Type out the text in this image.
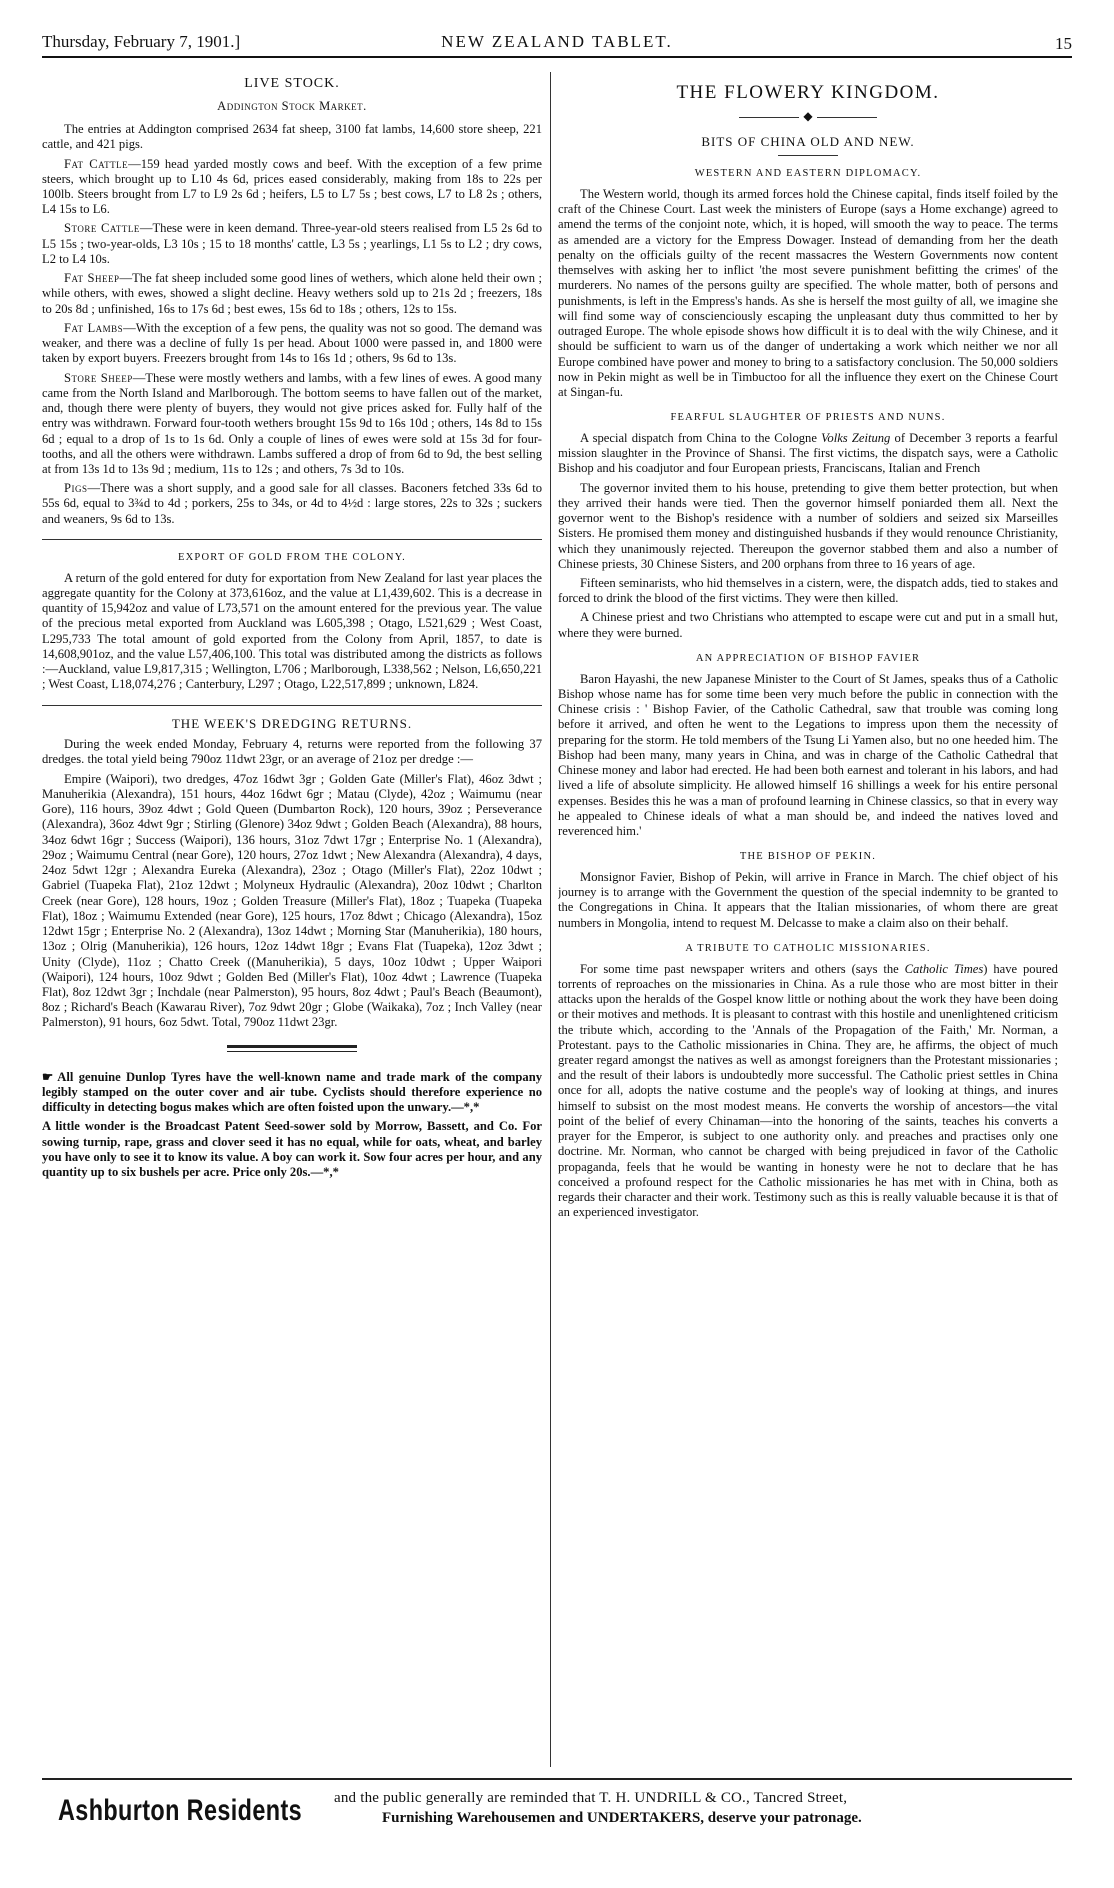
Thursday, February 7, 1901.]	NEW ZEALAND TABLET.	15
LIVE STOCK.
Addington Stock Market.

The entries at Addington comprised 2634 fat sheep, 3100 fat lambs, 14,600 store sheep, 221 cattle, and 421 pigs.

Fat Cattle—159 head yarded mostly cows and beef. With the exception of a few prime steers, which brought up to L10 4s 6d, prices eased considerably, making from 18s to 22s per 100lb. Steers brought from L7 to L9 2s 6d ; heifers, L5 to L7 5s ; best cows, L7 to L8 2s ; others, L4 15s to L6.

Store Cattle—These were in keen demand. Three-year-old steers realised from L5 2s 6d to L5 15s ; two-year-olds, L3 10s ; 15 to 18 months' cattle, L3 5s ; yearlings, L1 5s to L2 ; dry cows, L2 to L4 10s.

Fat Sheep—The fat sheep included some good lines of wethers, which alone held their own ; while others, with ewes, showed a slight decline. Heavy wethers sold up to 21s 2d ; freezers, 18s to 20s 8d ; unfinished, 16s to 17s 6d ; best ewes, 15s 6d to 18s ; others, 12s to 15s.

Fat Lambs—With the exception of a few pens, the quality was not so good. The demand was weaker, and there was a decline of fully 1s per head. About 1000 were passed in, and 1800 were taken by export buyers. Freezers brought from 14s to 16s 1d ; others, 9s 6d to 13s.

Store Sheep—These were mostly wethers and lambs, with a few lines of ewes. A good many came from the North Island and Marlborough. The bottom seems to have fallen out of the market, and, though there were plenty of buyers, they would not give prices asked for. Fully half of the entry was withdrawn. Forward four-tooth wethers brought 15s 9d to 16s 10d ; others, 14s 8d to 15s 6d ; equal to a drop of 1s to 1s 6d. Only a couple of lines of ewes were sold at 15s 3d for four-tooths, and all the others were withdrawn. Lambs suffered a drop of from 6d to 9d, the best selling at from 13s 1d to 13s 9d ; medium, 11s to 12s ; and others, 7s 3d to 10s.

Pigs—There was a short supply, and a good sale for all classes. Baconers fetched 33s 6d to 55s 6d, equal to 3¾d to 4d ; porkers, 25s to 34s, or 4d to 4½d : large stores, 22s to 32s ; suckers and weaners, 9s 6d to 13s.

EXPORT OF GOLD FROM THE COLONY.

A return of the gold entered for duty for exportation from New Zealand for last year places the aggregate quantity for the Colony at 373,616oz, and the value at L1,439,602. This is a decrease in quantity of 15,942oz and value of L73,571 on the amount entered for the previous year. The value of the precious metal exported from Auckland was L605,398 ; Otago, L521,629 ; West Coast, L295,733 The total amount of gold exported from the Colony from April, 1857, to date is 14,608,901oz, and the value L57,406,100. This total was distributed among the districts as follows :—Auckland, value L9,817,315 ; Wellington, L706 ; Marlborough, L338,562 ; Nelson, L6,650,221 ; West Coast, L18,074,276 ; Canterbury, L297 ; Otago, L22,517,899 ; unknown, L824.

THE WEEK'S DREDGING RETURNS.

During the week ended Monday, February 4, returns were reported from the following 37 dredges. the total yield being 790oz 11dwt 23gr, or an average of 21oz per dredge :—

Empire (Waipori), two dredges, 47oz 16dwt 3gr ; Golden Gate (Miller's Flat), 46oz 3dwt ; Manuherikia (Alexandra), 151 hours, 44oz 16dwt 6gr ; Matau (Clyde), 42oz ; Waimumu (near Gore), 116 hours, 39oz 4dwt ; Gold Queen (Dumbarton Rock), 120 hours, 39oz ; Perseverance (Alexandra), 36oz 4dwt 9gr ; Stirling (Glenore) 34oz 9dwt ; Golden Beach (Alexandra), 88 hours, 34oz 6dwt 16gr ; Success (Waipori), 136 hours, 31oz 7dwt 17gr ; Enterprise No. 1 (Alexandra), 29oz ; Waimumu Central (near Gore), 120 hours, 27oz 1dwt ; New Alexandra (Alexandra), 4 days, 24oz 5dwt 12gr ; Alexandra Eureka (Alexandra), 23oz ; Otago (Miller's Flat), 22oz 10dwt ; Gabriel (Tuapeka Flat), 21oz 12dwt ; Molyneux Hydraulic (Alexandra), 20oz 10dwt ; Charlton Creek (near Gore), 128 hours, 19oz ; Golden Treasure (Miller's Flat), 18oz ; Tuapeka (Tuapeka Flat), 18oz ; Waimumu Extended (near Gore), 125 hours, 17oz 8dwt ; Chicago (Alexandra), 15oz 12dwt 15gr ; Enterprise No. 2 (Alexandra), 13oz 14dwt ; Morning Star (Manuherikia), 180 hours, 13oz ; Olrig (Manuherikia), 126 hours, 12oz 14dwt 18gr ; Evans Flat (Tuapeka), 12oz 3dwt ; Unity (Clyde), 11oz ; Chatto Creek ((Manuherikia), 5 days, 10oz 10dwt ; Upper Waipori (Waipori), 124 hours, 10oz 9dwt ; Golden Bed (Miller's Flat), 10oz 4dwt ; Lawrence (Tuapeka Flat), 8oz 12dwt 3gr ; Inchdale (near Palmerston), 95 hours, 8oz 4dwt ; Paul's Beach (Beaumont), 8oz ; Richard's Beach (Kawarau River), 7oz 9dwt 20gr ; Globe (Waikaka), 7oz ; Inch Valley (near Palmerston), 91 hours, 6oz 5dwt. Total, 790oz 11dwt 23gr.

☛ All genuine Dunlop Tyres have the well-known name and trade mark of the company legibly stamped on the outer cover and air tube. Cyclists should therefore experience no difficulty in detecting bogus makes which are often foisted upon the unwary.—*,*

A little wonder is the Broadcast Patent Seed-sower sold by Morrow, Bassett, and Co. For sowing turnip, rape, grass and clover seed it has no equal, while for oats, wheat, and barley you have only to see it to know its value. A boy can work it. Sow four acres per hour, and any quantity up to six bushels per acre. Price only 20s.—*,*

THE FLOWERY KINGDOM.
◆
BITS OF CHINA OLD AND NEW.
WESTERN AND EASTERN DIPLOMACY.

The Western world, though its armed forces hold the Chinese capital, finds itself foiled by the craft of the Chinese Court. Last week the ministers of Europe (says a Home exchange) agreed to amend the terms of the conjoint note, which, it is hoped, will smooth the way to peace. The terms as amended are a victory for the Empress Dowager. Instead of demanding from her the death penalty on the officials guilty of the recent massacres the Western Governments now content themselves with asking her to inflict 'the most severe punishment befitting the crimes' of the murderers. No names of the persons guilty are specified. The whole matter, both of persons and punishments, is left in the Empress's hands. As she is herself the most guilty of all, we imagine she will find some way of conscienciously escaping the unpleasant duty thus committed to her by outraged Europe. The whole episode shows how difficult it is to deal with the wily Chinese, and it should be sufficient to warn us of the danger of undertaking a work which neither we nor all Europe combined have power and money to bring to a satisfactory conclusion. The 50,000 soldiers now in Pekin might as well be in Timbuctoo for all the influence they exert on the Chinese Court at Singan-fu.

FEARFUL SLAUGHTER OF PRIESTS AND NUNS.

A special dispatch from China to the Cologne Volks Zeitung of December 3 reports a fearful mission slaughter in the Province of Shansi. The first victims, the dispatch says, were a Catholic Bishop and his coadjutor and four European priests, Franciscans, Italian and French

The governor invited them to his house, pretending to give them better protection, but when they arrived their hands were tied. Then the governor himself poniarded them all. Next the governor went to the Bishop's residence with a number of soldiers and seized six Marseilles Sisters. He promised them money and distinguished husbands if they would renounce Christianity, which they unanimously rejected. Thereupon the governor stabbed them and also a number of Chinese priests, 30 Chinese Sisters, and 200 orphans from three to 16 years of age.

Fifteen seminarists, who hid themselves in a cistern, were, the dispatch adds, tied to stakes and forced to drink the blood of the first victims. They were then killed.

A Chinese priest and two Christians who attempted to escape were cut and put in a small hut, where they were burned.

AN APPRECIATION OF BISHOP FAVIER

Baron Hayashi, the new Japanese Minister to the Court of St James, speaks thus of a Catholic Bishop whose name has for some time been very much before the public in connection with the Chinese crisis : ' Bishop Favier, of the Catholic Cathedral, saw that trouble was coming long before it arrived, and often he went to the Legations to impress upon them the necessity of preparing for the storm. He told members of the Tsung Li Yamen also, but no one heeded him. The Bishop had been many, many years in China, and was in charge of the Catholic Cathedral that Chinese money and labor had erected. He had been both earnest and tolerant in his labors, and had lived a life of absolute simplicity. He allowed himself 16 shillings a week for his entire personal expenses. Besides this he was a man of profound learning in Chinese classics, so that in every way he appealed to Chinese ideals of what a man should be, and indeed the natives loved and reverenced him.'

THE BISHOP OF PEKIN.

Monsignor Favier, Bishop of Pekin, will arrive in France in March. The chief object of his journey is to arrange with the Government the question of the special indemnity to be granted to the Congregations in China. It appears that the Italian missionaries, of whom there are great numbers in Mongolia, intend to request M. Delcasse to make a claim also on their behalf.

A TRIBUTE TO CATHOLIC MISSIONARIES.

For some time past newspaper writers and others (says the Catholic Times) have poured torrents of reproaches on the missionaries in China. As a rule those who are most bitter in their attacks upon the heralds of the Gospel know little or nothing about the work they have been doing or their motives and methods. It is pleasant to contrast with this hostile and unenlightened criticism the tribute which, according to the 'Annals of the Propagation of the Faith,' Mr. Norman, a Protestant. pays to the Catholic missionaries in China. They are, he affirms, the object of much greater regard amongst the natives as well as amongst foreigners than the Protestant missionaries ; and the result of their labors is undoubtedly more successful. The Catholic priest settles in China once for all, adopts the native costume and the people's way of looking at things, and inures himself to subsist on the most modest means. He converts the worship of ancestors—the vital point of the belief of every Chinaman—into the honoring of the saints, teaches his converts a prayer for the Emperor, is subject to one authority only. and preaches and practises only one doctrine. Mr. Norman, who cannot be charged with being prejudiced in favor of the Catholic propaganda, feels that he would be wanting in honesty were he not to declare that he has conceived a profound respect for the Catholic missionaries he has met with in China, both as regards their character and their work. Testimony such as this is really valuable because it is that of an experienced investigator.

Ashburton Residents and the public generally are reminded that T. H. UNDRILL & CO., Tancred Street,
Furnishing Warehousemen and UNDERTAKERS, deserve your patronage.
